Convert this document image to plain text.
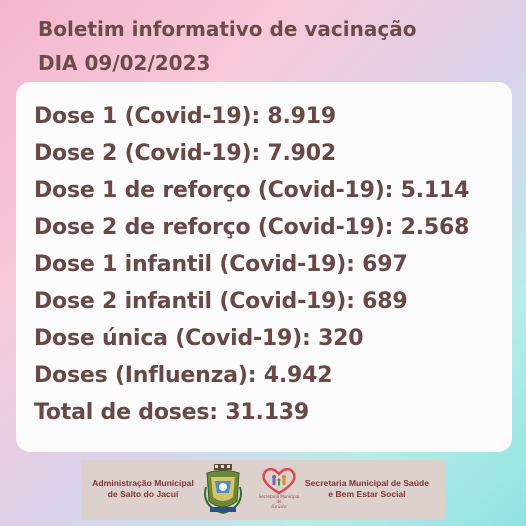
Boletim informativo de vacinação
DIA 09/02/2023
Dose 1 (Covid-19): 8.919
Dose 2 (Covid-19): 7.902
Dose 1 de reforço (Covid-19): 5.114
Dose 2 de reforço (Covid-19): 2.568
Dose 1 infantil (Covid-19): 697
Dose 2 infantil (Covid-19): 689
Dose única (Covid-19): 320
Doses (Influenza): 4.942
Total de doses: 31.139
Administração Municipal
de Salto do Jacuí	Secretaria Municipal de
Saúde
Secretaria Municipal de Saúde
e Bem Estar Social
